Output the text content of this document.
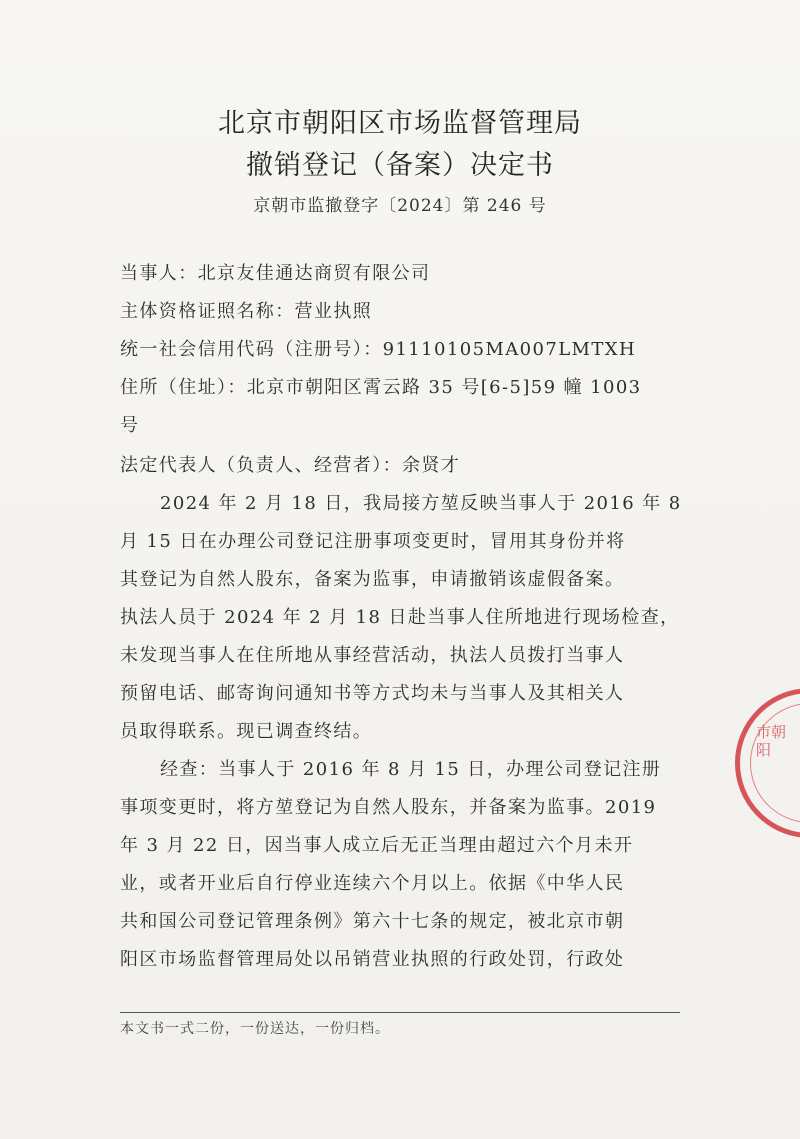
北京市朝阳区市场监督管理局
撤销登记（备案）决定书
京朝市监撤登字〔2024〕第 246 号
当事人：北京友佳通达商贸有限公司
主体资格证照名称：营业执照
统一社会信用代码（注册号）：91110105MA007LMTXH
住所（住址）：北京市朝阳区霄云路 35 号[6-5]59 幢 1003
号
法定代表人（负责人、经营者）：余贤才
2024 年 2 月 18 日，我局接方堃反映当事人于 2016 年 8
月 15 日在办理公司登记注册事项变更时，冒用其身份并将
其登记为自然人股东，备案为监事，申请撤销该虚假备案。
执法人员于 2024 年 2 月 18 日赴当事人住所地进行现场检查，
未发现当事人在住所地从事经营活动，执法人员拨打当事人
预留电话、邮寄询问通知书等方式均未与当事人及其相关人
员取得联系。现已调查终结。
经查：当事人于 2016 年 8 月 15 日，办理公司登记注册
事项变更时，将方堃登记为自然人股东，并备案为监事。2019
年 3 月 22 日，因当事人成立后无正当理由超过六个月未开
业，或者开业后自行停业连续六个月以上。依据《中华人民
共和国公司登记管理条例》第六十七条的规定，被北京市朝
阳区市场监督管理局处以吊销营业执照的行政处罚，行政处
本文书一式二份，一份送达，一份归档。
市朝阳
